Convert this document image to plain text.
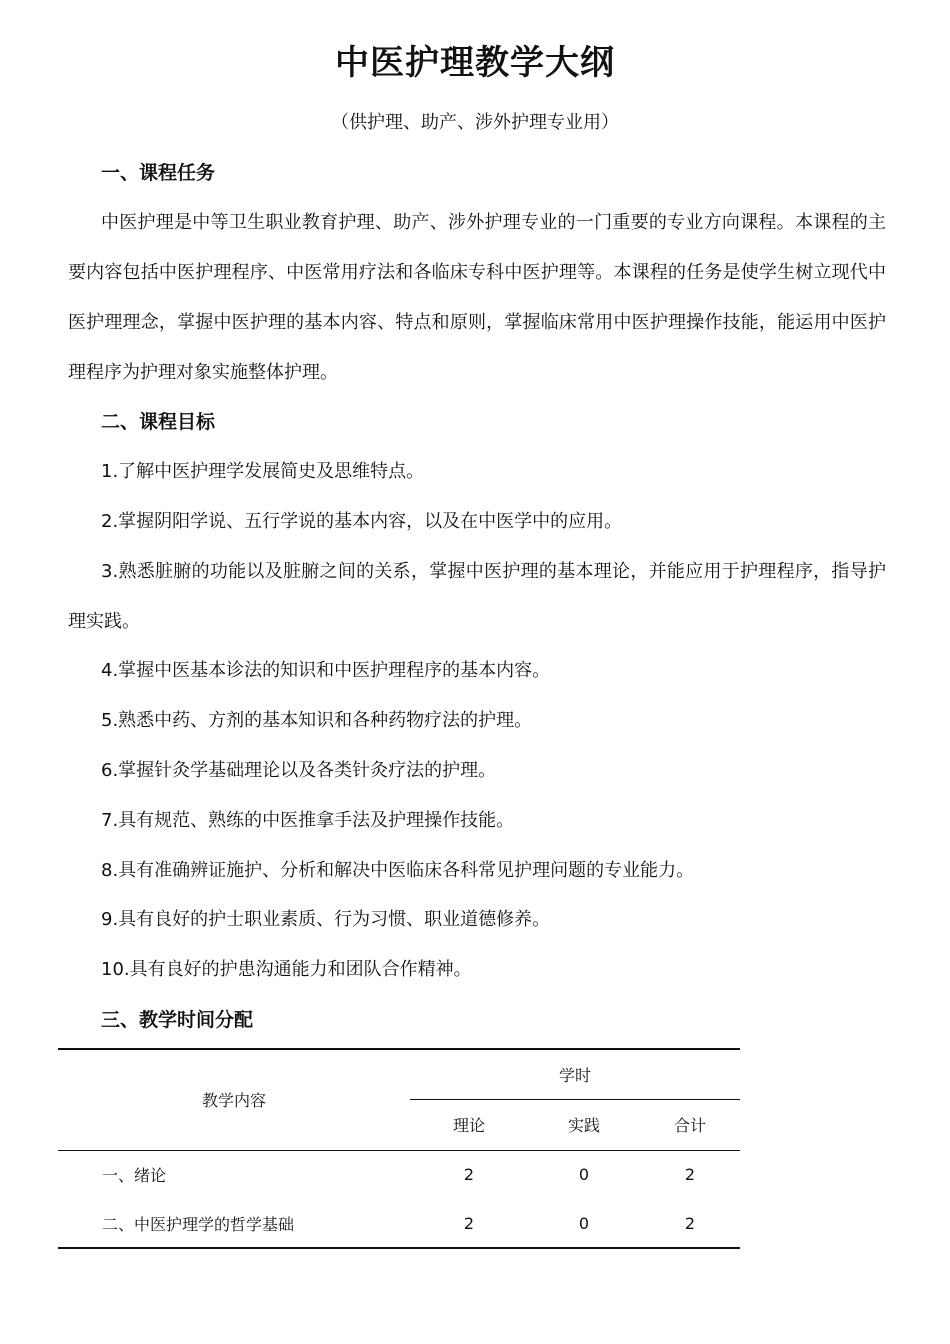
中医护理教学大纲
（供护理、助产、涉外护理专业用）
一、课程任务
中医护理是中等卫生职业教育护理、助产、涉外护理专业的一门重要的专业方向课程。本课程的主要内容包括中医护理程序、中医常用疗法和各临床专科中医护理等。本课程的任务是使学生树立现代中医护理理念，掌握中医护理的基本内容、特点和原则，掌握临床常用中医护理操作技能，能运用中医护理程序为护理对象实施整体护理。
二、课程目标
1.了解中医护理学发展简史及思维特点。
2.掌握阴阳学说、五行学说的基本内容，以及在中医学中的应用。
3.熟悉脏腑的功能以及脏腑之间的关系，掌握中医护理的基本理论，并能应用于护理程序，指导护理实践。
4.掌握中医基本诊法的知识和中医护理程序的基本内容。
5.熟悉中药、方剂的基本知识和各种药物疗法的护理。
6.掌握针灸学基础理论以及各类针灸疗法的护理。
7.具有规范、熟练的中医推拿手法及护理操作技能。
8.具有准确辨证施护、分析和解决中医临床各科常见护理问题的专业能力。
9.具有良好的护士职业素质、行为习惯、职业道德修养。
10.具有良好的护患沟通能力和团队合作精神。
三、教学时间分配
教学内容	学时		
	理论	实践	合计
一、绪论	2	0	2
二、中医护理学的哲学基础	2	0	2
